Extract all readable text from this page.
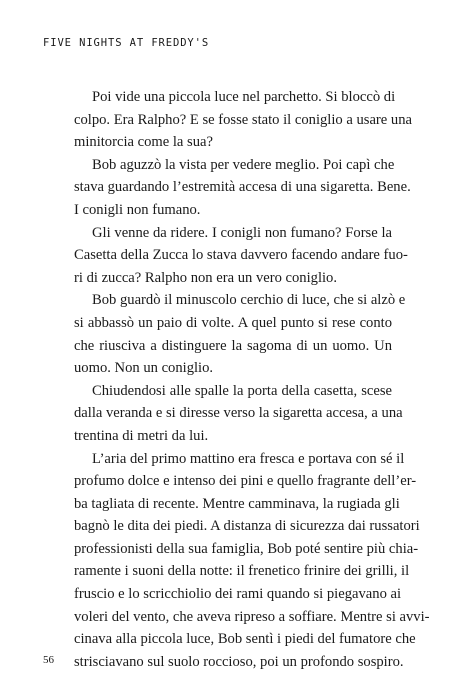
FIVE NIGHTS AT FREDDY'S
Poi vide una piccola luce nel parchetto. Si bloccò di
colpo. Era Ralpho? E se fosse stato il coniglio a usare una
minitorcia come la sua?
Bob aguzzò la vista per vedere meglio. Poi capì che
stava guardando l’estremità accesa di una sigaretta. Bene.
I conigli non fumano.
Gli venne da ridere. I conigli non fumano? Forse la
Casetta della Zucca lo stava davvero facendo andare fuo-
ri di zucca? Ralpho non era un vero coniglio.
Bob guardò il minuscolo cerchio di luce, che si alzò e
si abbassò un paio di volte. A quel punto si rese conto
che riusciva a distinguere la sagoma di un uomo. Un
uomo. Non un coniglio.
Chiudendosi alle spalle la porta della casetta, scese
dalla veranda e si diresse verso la sigaretta accesa, a una
trentina di metri da lui.
L’aria del primo mattino era fresca e portava con sé il
profumo dolce e intenso dei pini e quello fragrante dell’er-
ba tagliata di recente. Mentre camminava, la rugiada gli
bagnò le dita dei piedi. A distanza di sicurezza dai russatori
professionisti della sua famiglia, Bob poté sentire più chia-
ramente i suoni della notte: il frenetico frinire dei grilli, il
fruscio e lo scricchiolio dei rami quando si piegavano ai
voleri del vento, che aveva ripreso a soffiare. Mentre si avvi-
cinava alla piccola luce, Bob sentì i piedi del fumatore che
strisciavano sul suolo roccioso, poi un profondo sospiro.
56
